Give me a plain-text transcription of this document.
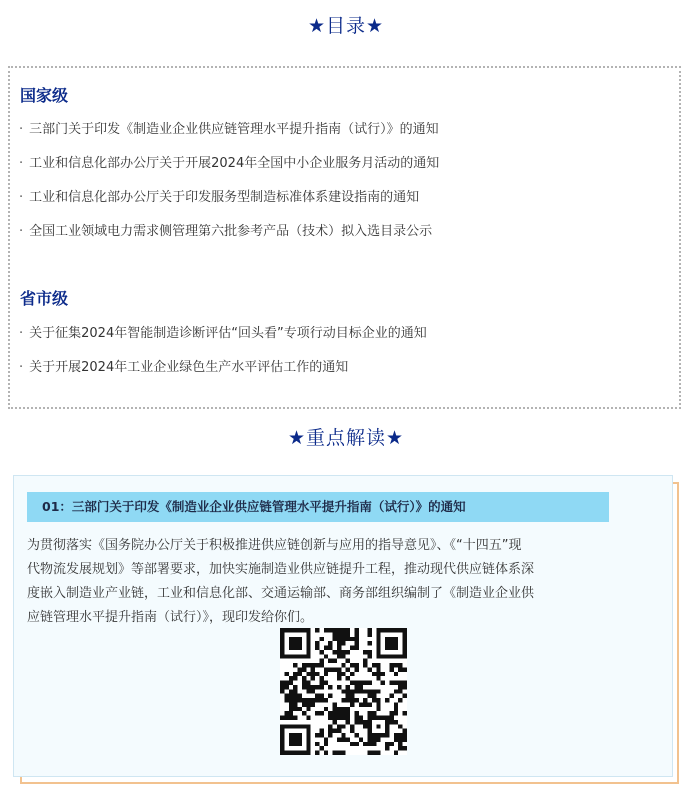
★目录★
国家级
· 三部门关于印发《制造业企业供应链管理水平提升指南（试行）》的通知
· 工业和信息化部办公厅关于开展2024年全国中小企业服务月活动的通知
· 工业和信息化部办公厅关于印发服务型制造标准体系建设指南的通知
· 全国工业领域电力需求侧管理第六批参考产品（技术）拟入选目录公示
省市级
· 关于征集2024年智能制造诊断评估“回头看”专项行动目标企业的通知
· 关于开展2024年工业企业绿色生产水平评估工作的通知
★重点解读★
01：三部门关于印发《制造业企业供应链管理水平提升指南（试行）》的通知
为贯彻落实《国务院办公厅关于积极推进供应链创新与应用的指导意见》、《“十四五”现
代物流发展规划》等部署要求，加快实施制造业供应链提升工程，推动现代供应链体系深
度嵌入制造业产业链，工业和信息化部、交通运输部、商务部组织编制了《制造业企业供
应链管理水平提升指南（试行）》，现印发给你们。
